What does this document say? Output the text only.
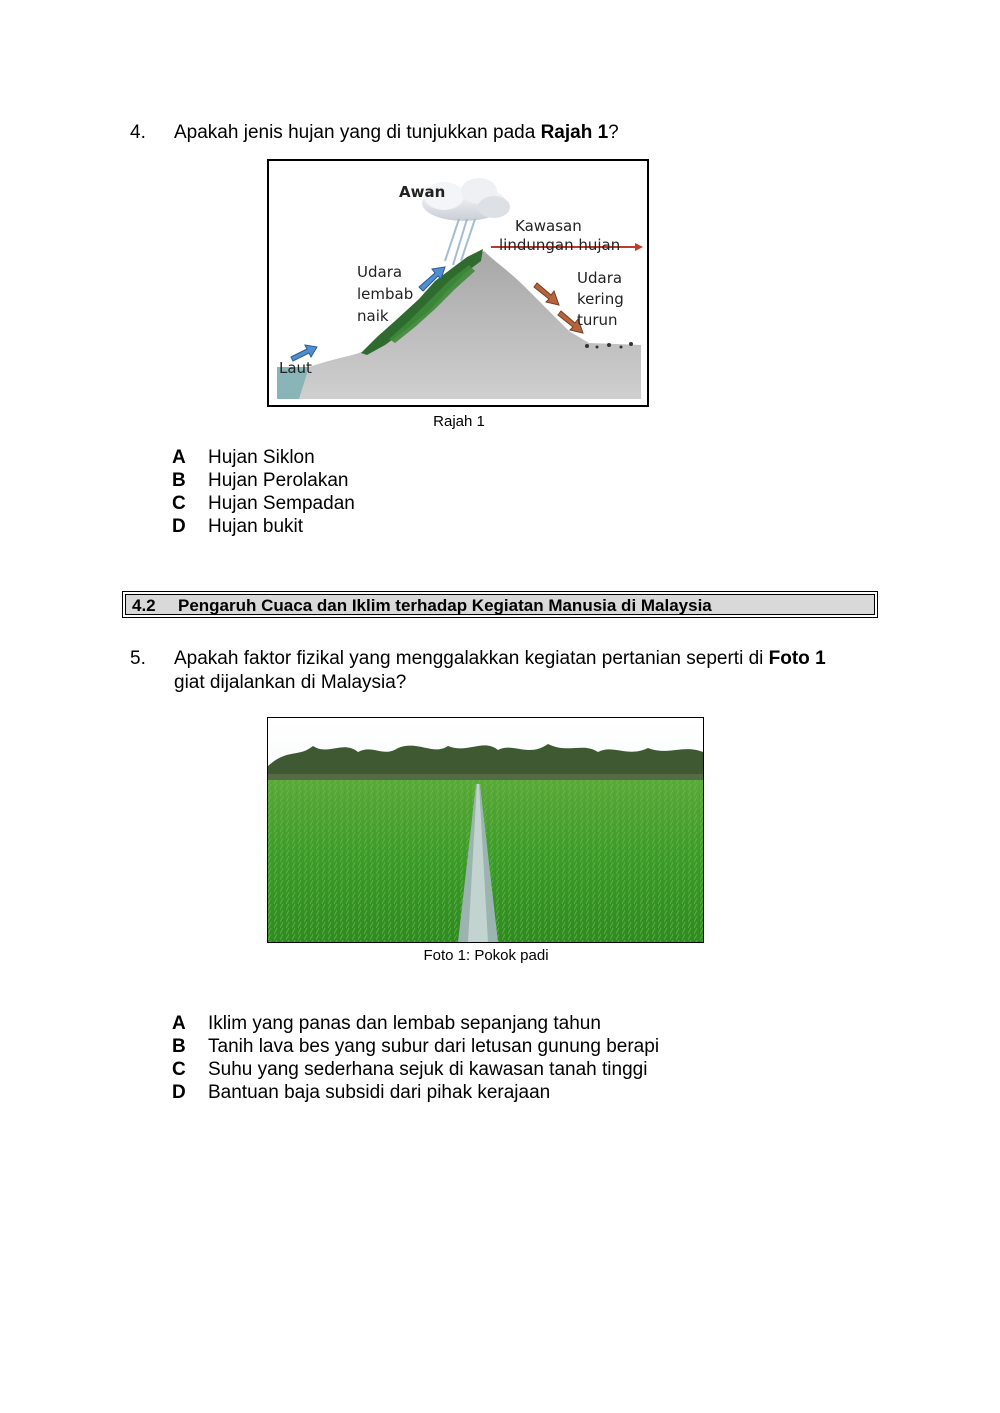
4. Apakah jenis hujan yang di tunjukkan pada Rajah 1?
Awan
Kawasan
lindungan hujan
Udara
lembab
naik
Udara
kering
turun
Laut
Rajah 1
A	Hujan Siklon
B	Hujan Perolakan
C	Hujan Sempadan
D	Hujan bukit
4.2 Pengaruh Cuaca dan Iklim terhadap Kegiatan Manusia di Malaysia
5. Apakah faktor fizikal yang menggalakkan kegiatan pertanian seperti di Foto 1
giat dijalankan di Malaysia?
Foto 1: Pokok padi
A	Iklim yang panas dan lembab sepanjang tahun
B	Tanih lava bes yang subur dari letusan gunung berapi
C	Suhu yang sederhana sejuk di kawasan tanah tinggi
D	Bantuan baja subsidi dari pihak kerajaan
